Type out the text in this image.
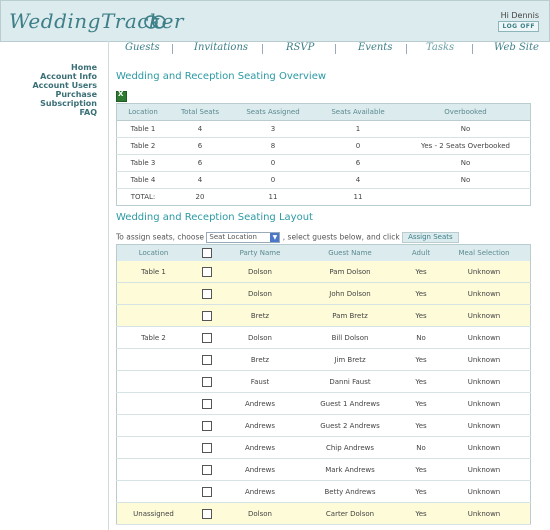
WeddingTracker	Hi Dennis
LOG OFF
Guests	Invitations	RSVP	Events	Tasks	Web Site
Home
Account Info
Account Users
Purchase
Subscription
FAQ
Wedding and Reception Seating Overview
X
Location	Total Seats	Seats Assigned	Seats Available	Overbooked
Table 1	4	3	1	No
Table 2	6	8	0	Yes - 2 Seats Overbooked
Table 3	6	0	6	No
Table 4	4	0	4	No
TOTAL:	20	11	11	
Wedding and Reception Seating Layout
To assign seats, choose Seat Location	▼ , select guests below, and click Assign Seats
Location		Party Name	Guest Name	Adult	Meal Selection
Table 1		Dolson	Pam Dolson	Yes	Unknown
		Dolson	John Dolson	Yes	Unknown
		Bretz	Pam Bretz	Yes	Unknown
Table 2		Dolson	Bill Dolson	No	Unknown
		Bretz	Jim Bretz	Yes	Unknown
		Faust	Danni Faust	Yes	Unknown
		Andrews	Guest 1 Andrews	Yes	Unknown
		Andrews	Guest 2 Andrews	Yes	Unknown
		Andrews	Chip Andrews	No	Unknown
		Andrews	Mark Andrews	Yes	Unknown
		Andrews	Betty Andrews	Yes	Unknown
Unassigned		Dolson	Carter Dolson	Yes	Unknown
